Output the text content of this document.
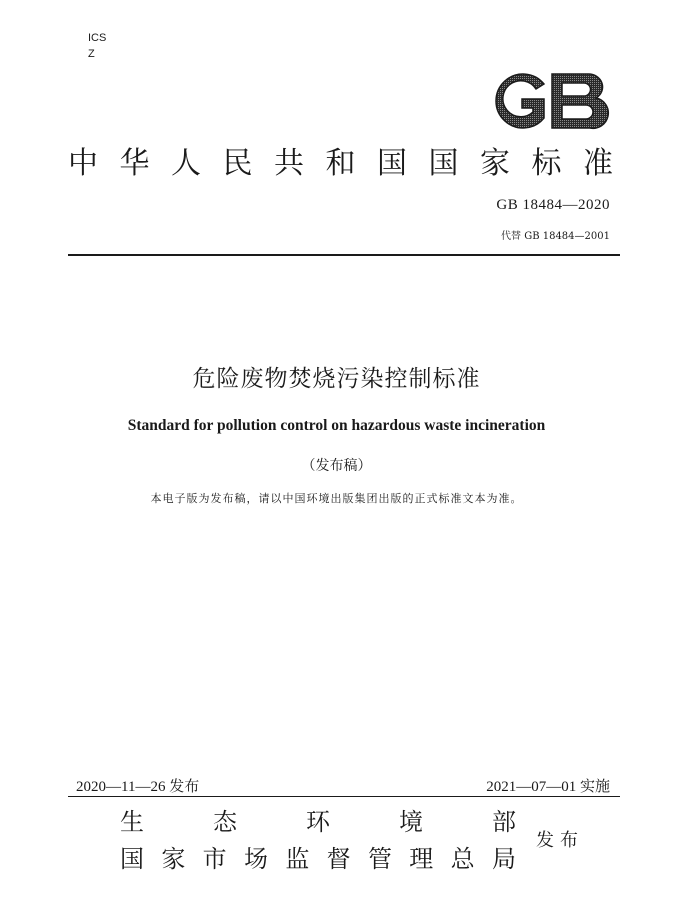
ICS
Z
中 华 人 民 共 和 国 国 家 标 准
GB 18484—2020
代替 GB 18484—2001
危险废物焚烧污染控制标准
Standard for pollution control on hazardous waste incineration
（发布稿）
本电子版为发布稿，请以中国环境出版集团出版的正式标准文本为准。
2020—11—26 发布	2021—07—01 实施
生	态	环	境	部
国 家 市 场 监 督 管 理 总 局
发布
